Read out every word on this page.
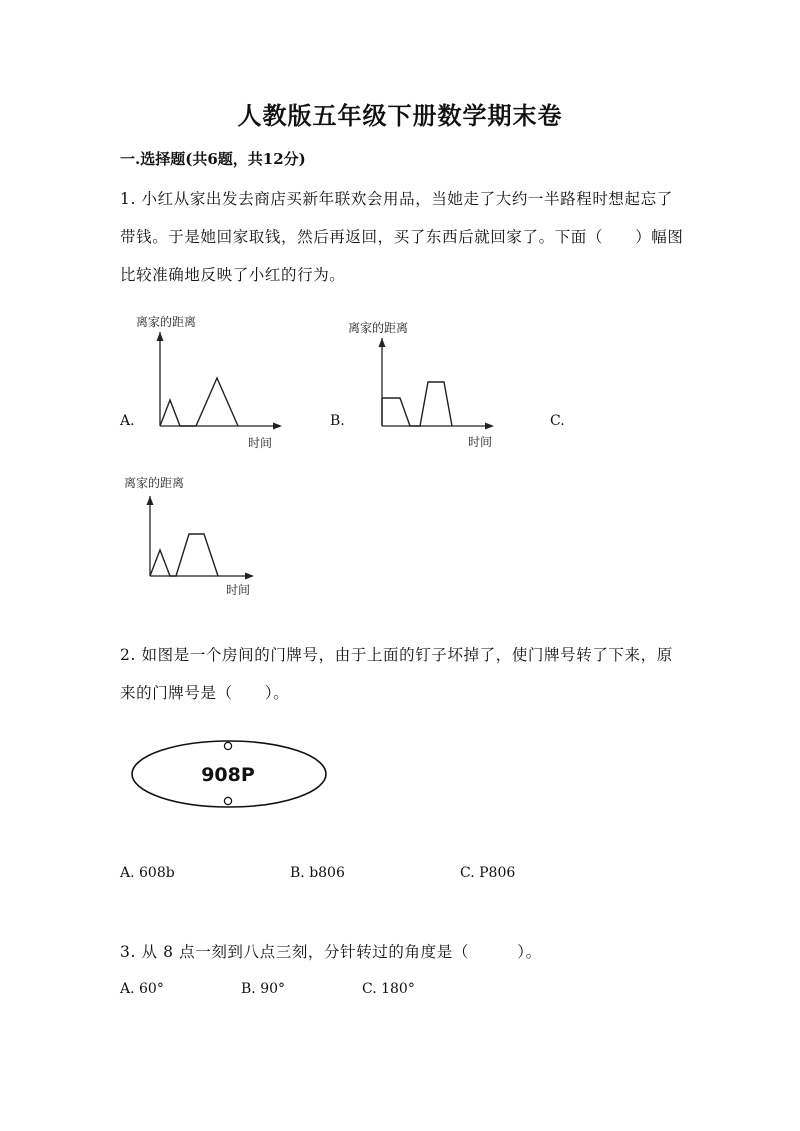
人教版五年级下册数学期末卷
一.选择题(共6题，共12分)
1. 小红从家出发去商店买新年联欢会用品，当她走了大约一半路程时想起忘了
带钱。于是她回家取钱，然后再返回，买了东西后就回家了。下面（　　）幅图
比较准确地反映了小红的行为。
A.	B.	C.
离家的距离
时间
离家的距离
时间
离家的距离
时间
2. 如图是一个房间的门牌号，由于上面的钉子坏掉了，使门牌号转了下来，原
来的门牌号是（　　）。
908P
A. 608b	B. b806	C. P806
3. 从 8 点一刻到八点三刻，分针转过的角度是（　　　）。
A. 60°	B. 90°	C. 180°
